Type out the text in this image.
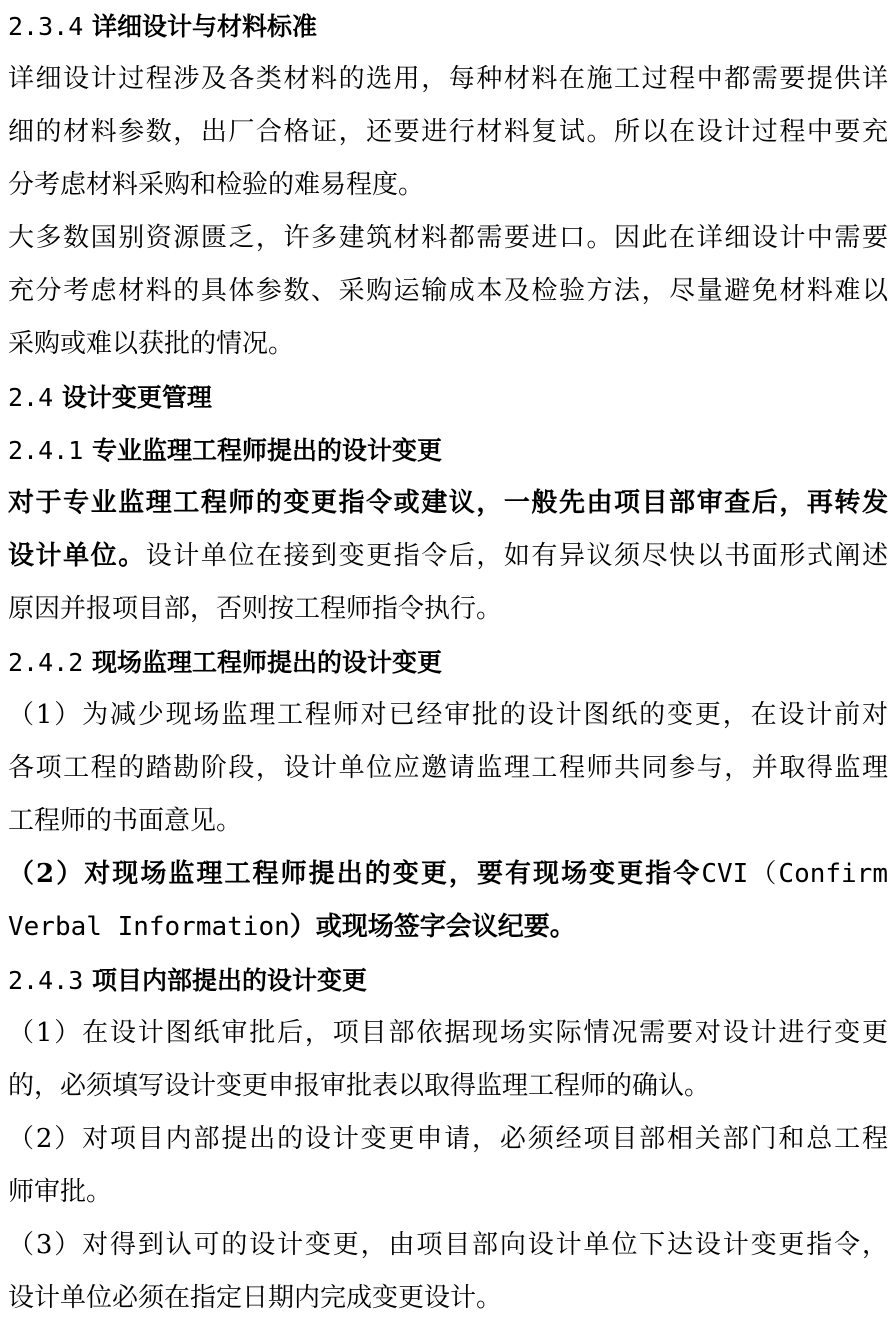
2.3.4 详细设计与材料标准
详细设计过程涉及各类材料的选用，每种材料在施工过程中都需要提供详
细的材料参数，出厂合格证，还要进行材料复试。所以在设计过程中要充
分考虑材料采购和检验的难易程度。
大多数国别资源匮乏，许多建筑材料都需要进口。因此在详细设计中需要
充分考虑材料的具体参数、采购运输成本及检验方法，尽量避免材料难以
采购或难以获批的情况。
2.4 设计变更管理
2.4.1 专业监理工程师提出的设计变更
对于专业监理工程师的变更指令或建议，一般先由项目部审查后，再转发
设计单位。设计单位在接到变更指令后，如有异议须尽快以书面形式阐述
原因并报项目部，否则按工程师指令执行。
2.4.2 现场监理工程师提出的设计变更
（1）为减少现场监理工程师对已经审批的设计图纸的变更，在设计前对
各项工程的踏勘阶段，设计单位应邀请监理工程师共同参与，并取得监理
工程师的书面意见。
（2）对现场监理工程师提出的变更，要有现场变更指令CVI（Confirm
Verbal Information）或现场签字会议纪要。
2.4.3 项目内部提出的设计变更
（1）在设计图纸审批后，项目部依据现场实际情况需要对设计进行变更
的，必须填写设计变更申报审批表以取得监理工程师的确认。
（2）对项目内部提出的设计变更申请，必须经项目部相关部门和总工程
师审批。
（3）对得到认可的设计变更，由项目部向设计单位下达设计变更指令，
设计单位必须在指定日期内完成变更设计。
